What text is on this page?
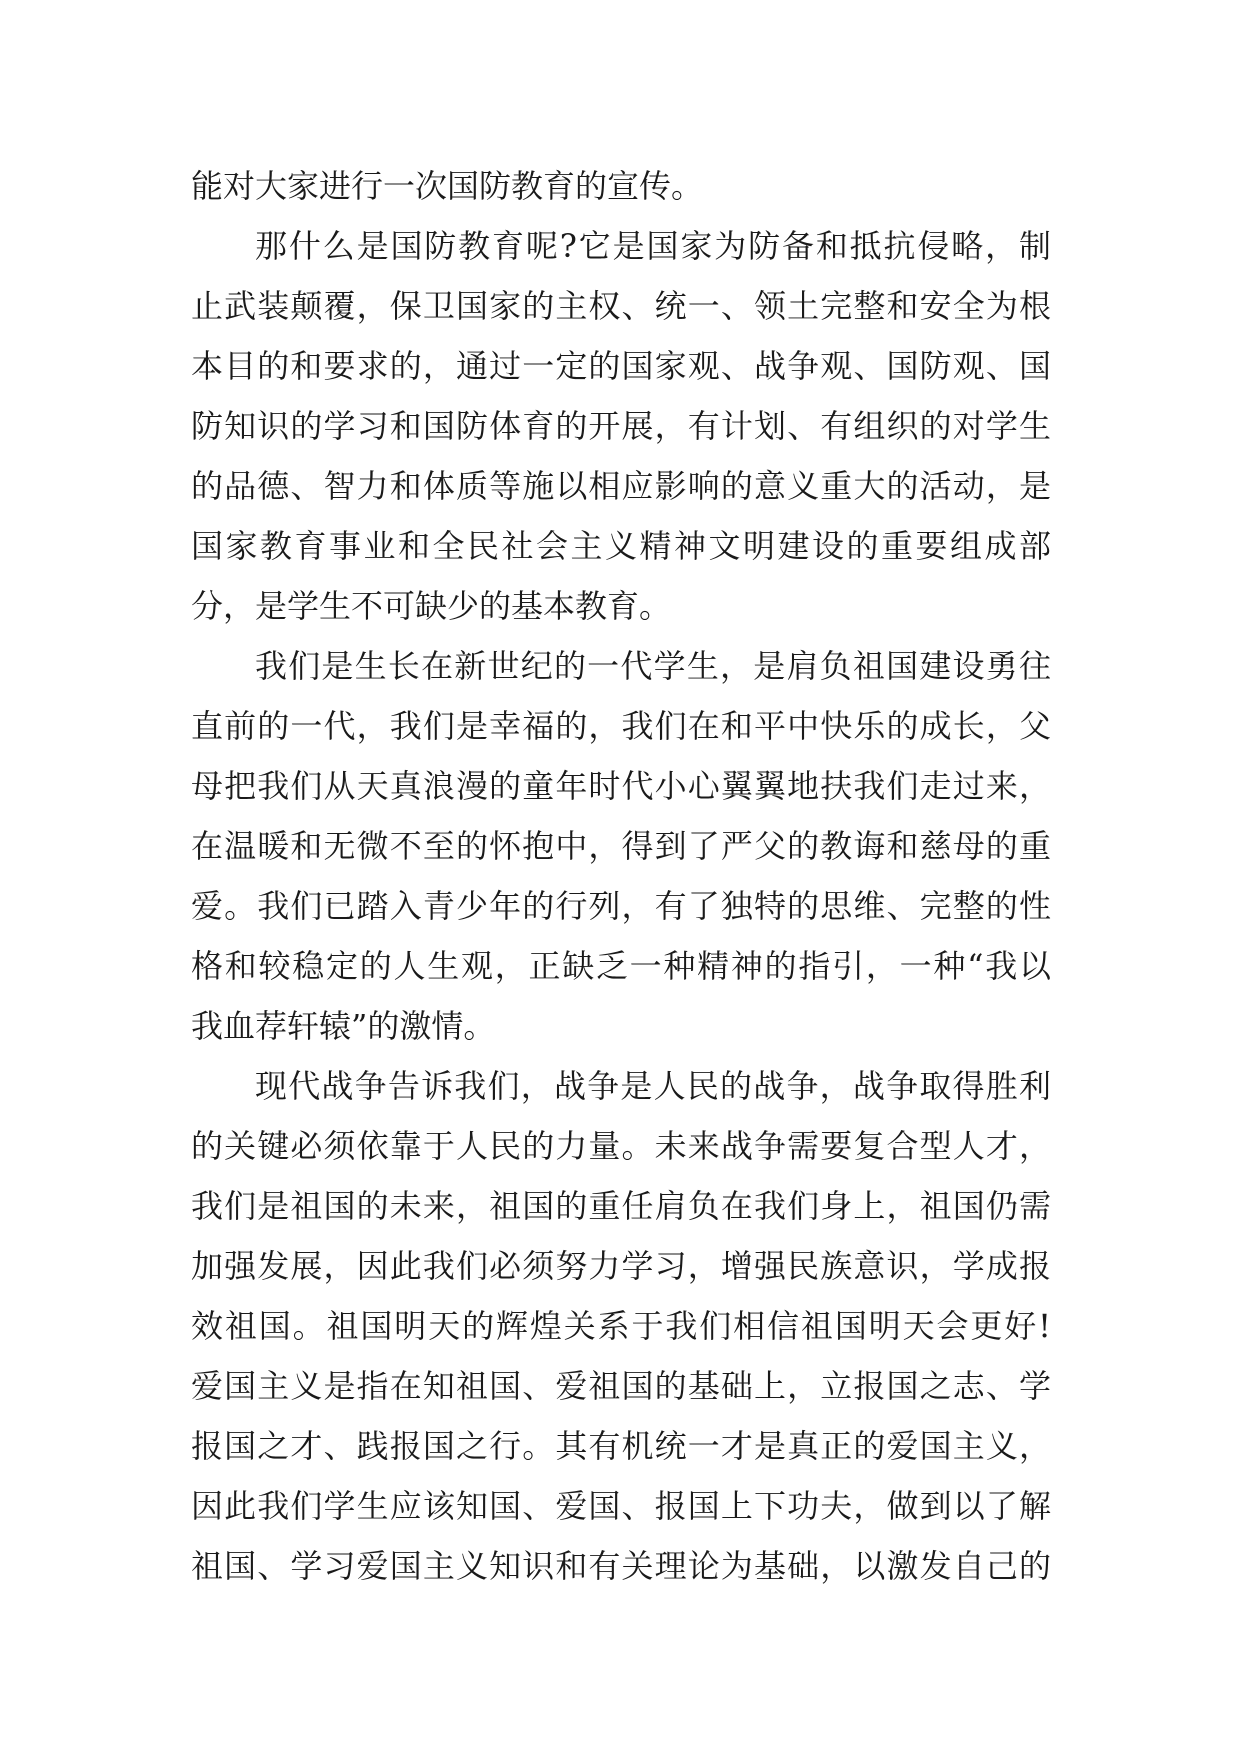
能对大家进行一次国防教育的宣传。
那什么是国防教育呢?它是国家为防备和抵抗侵略，制
止武装颠覆，保卫国家的主权、统一、领土完整和安全为根
本目的和要求的，通过一定的国家观、战争观、国防观、国
防知识的学习和国防体育的开展，有计划、有组织的对学生
的品德、智力和体质等施以相应影响的意义重大的活动，是
国家教育事业和全民社会主义精神文明建设的重要组成部
分，是学生不可缺少的基本教育。
我们是生长在新世纪的一代学生，是肩负祖国建设勇往
直前的一代，我们是幸福的，我们在和平中快乐的成长，父
母把我们从天真浪漫的童年时代小心翼翼地扶我们走过来，
在温暖和无微不至的怀抱中，得到了严父的教诲和慈母的重
爱。我们已踏入青少年的行列，有了独特的思维、完整的性
格和较稳定的人生观，正缺乏一种精神的指引，一种“我以
我血荐轩辕”的激情。
现代战争告诉我们，战争是人民的战争，战争取得胜利
的关键必须依靠于人民的力量。未来战争需要复合型人才，
我们是祖国的未来，祖国的重任肩负在我们身上，祖国仍需
加强发展，因此我们必须努力学习，增强民族意识，学成报
效祖国。祖国明天的辉煌关系于我们相信祖国明天会更好!
爱国主义是指在知祖国、爱祖国的基础上，立报国之志、学
报国之才、践报国之行。其有机统一才是真正的爱国主义，
因此我们学生应该知国、爱国、报国上下功夫，做到以了解
祖国、学习爱国主义知识和有关理论为基础，以激发自己的
